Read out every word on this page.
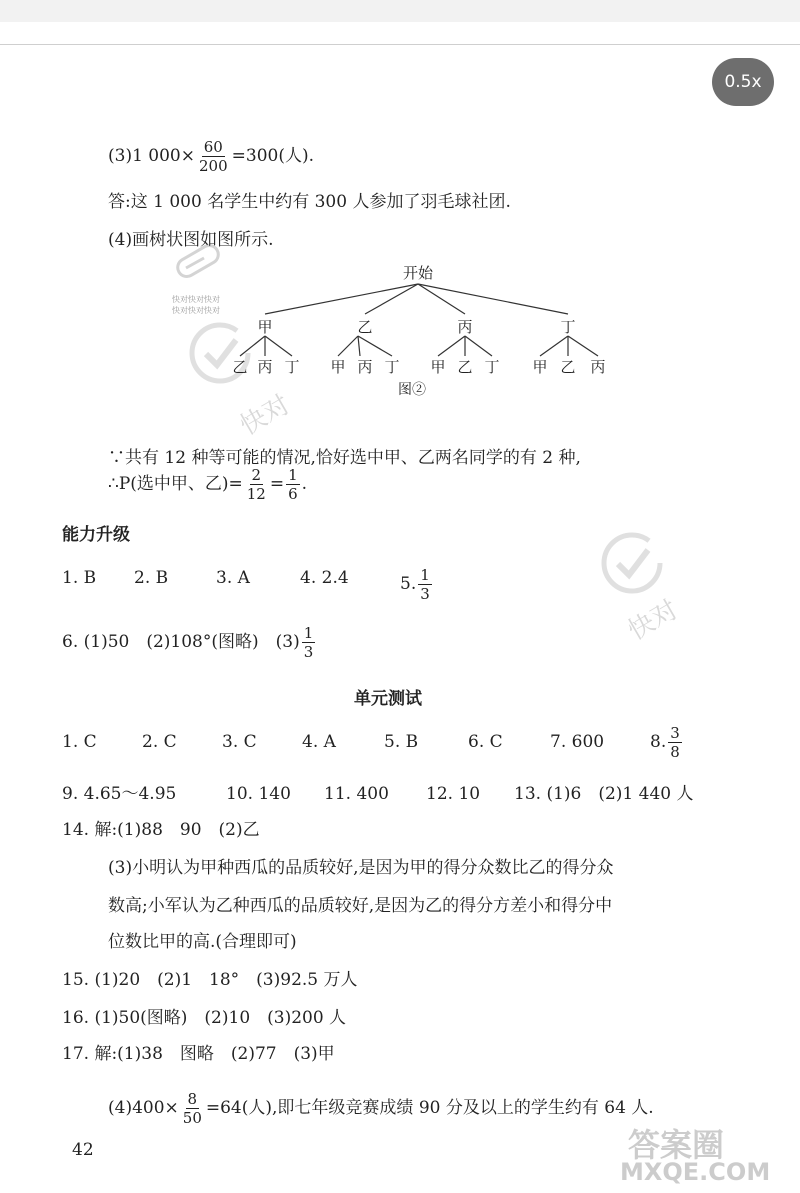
0.5x
快对快对快对
快对快对快对
快对
快对
(3)1 $000\times \frac{60}{200} =300$(人).
答:这 1 000 名学生中约有 300 人参加了羽毛球社团.
(4)画树状图如图所示.
开始
甲	乙	丙	丁
乙 丙 丁 甲 丙 丁 甲 乙 丁 甲 乙 丙
图②
∵共有 12 种等可能的情况,恰好选中甲、乙两名同学的有 2 种,
∴P(选中甲、乙)= $\frac{2}{12} = \frac{1}{6}$ .
能力升级
1. B 2. B	3. A	4. 2.4	5. $\frac{1}{3}$
6. (1)50　(2)108°(图略)　$(3) \frac{1}{3}$
单元测试
1. C	2. C	3. C	4. A	5. B	6. C	7. 600	8. $\frac{3}{8}$
9. 4.65～4.95	10. 140 11. 400 12. 10 13. (1)6　(2)1 440 人
14. 解:(1)88　90　(2)乙
(3)小明认为甲种西瓜的品质较好,是因为甲的得分众数比乙的得分众
数高;小军认为乙种西瓜的品质较好,是因为乙的得分方差小和得分中
位数比甲的高.(合理即可)
15. (1)20　(2)1　18°　(3)92.5 万人
16. (1)50(图略)　(2)10　(3)200 人
17. 解:(1)38　图略　(2)77　(3)甲
$(4)400\times \frac{8}{50} =64$(人),即七年级竞赛成绩 90 分及以上的学生约有 64 人.
42	答案圈
MXQE.COM
